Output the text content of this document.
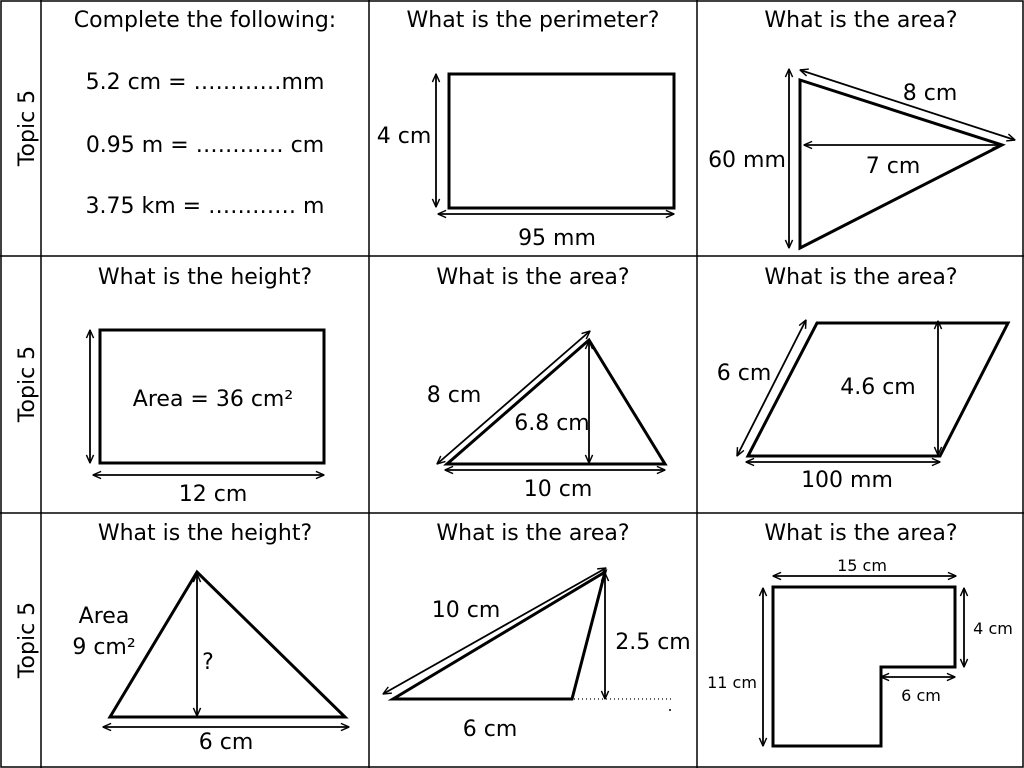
Topic 5
Topic 5
Topic 5
Complete the following:
5.2 cm = …………mm
0.95 m = ………… cm
3.75 km = ………… m
What is the perimeter?
4 cm
95 mm
What is the area?
60 mm
8 cm
7 cm
What is the height?
Area = 36 cm²
12 cm
What is the area?
8 cm
6.8 cm
10 cm
What is the area?
4.6 cm
6 cm
100 mm
What is the height?
?
Area
9 cm²
6 cm
What is the area?
10 cm
2.5 cm
6 cm
What is the area?
15 cm
4 cm
11 cm
6 cm
